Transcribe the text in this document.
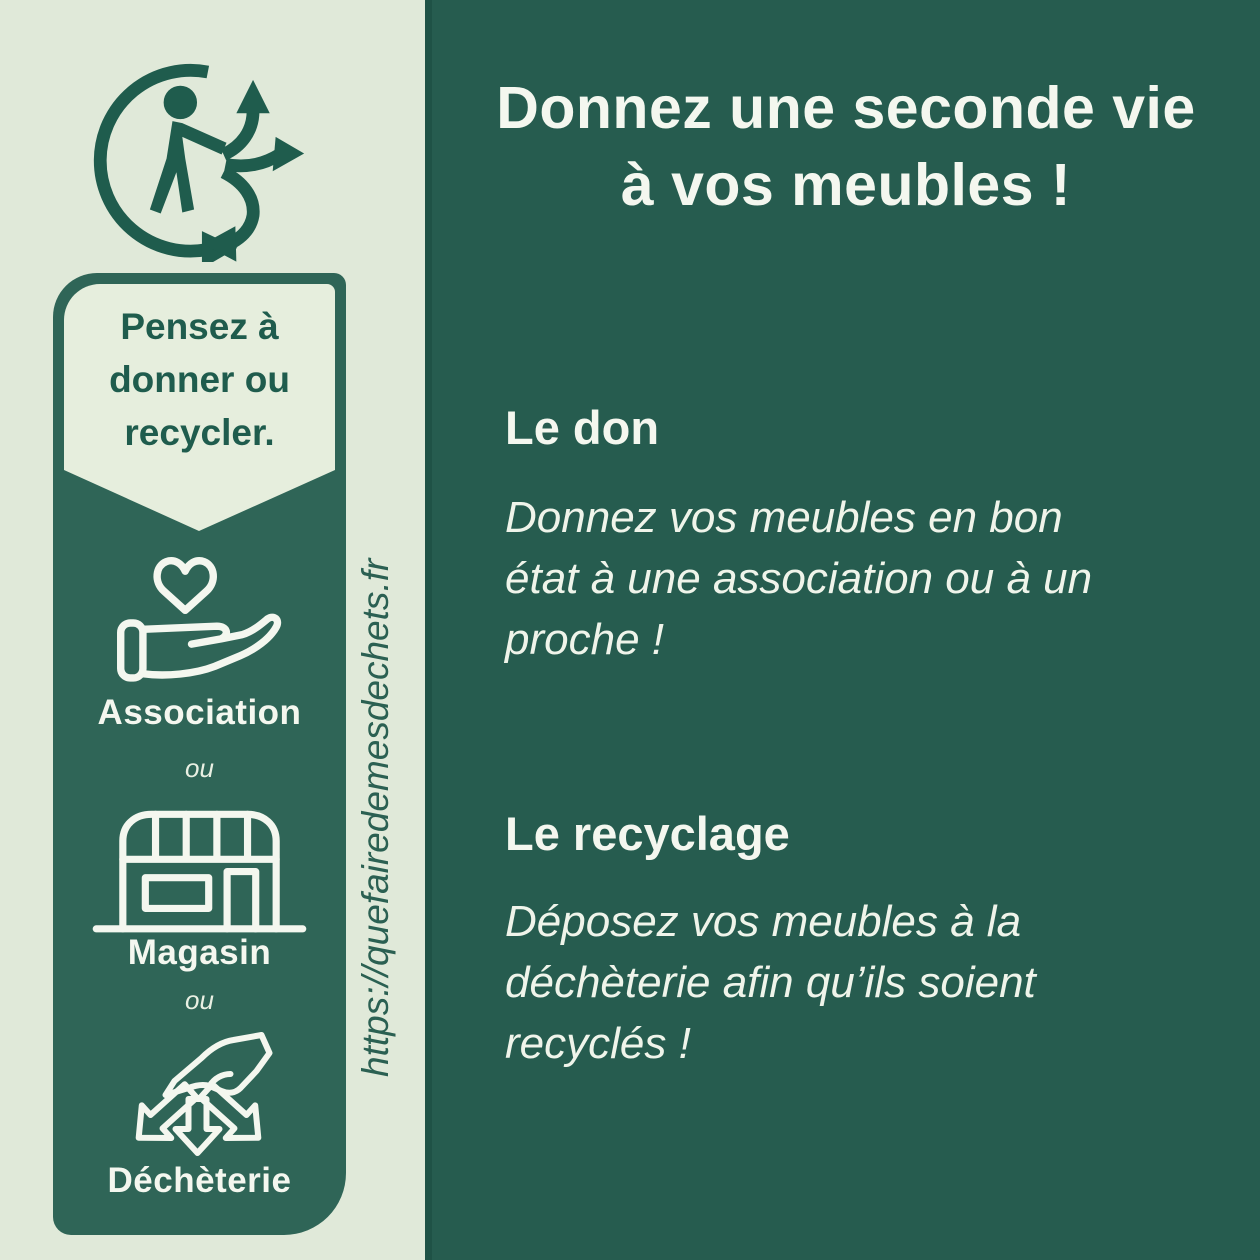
Pensez à
donner ou
recycler.
Association
ou
Magasin
ou
Déchèterie
https://quefairedemesdechets.fr
Donnez une seconde vie
à vos meubles !
Le don
Donnez vos meubles en bon
état à une association ou à un
proche !
Le recyclage
Déposez vos meubles à la
déchèterie afin qu’ils soient
recyclés !
